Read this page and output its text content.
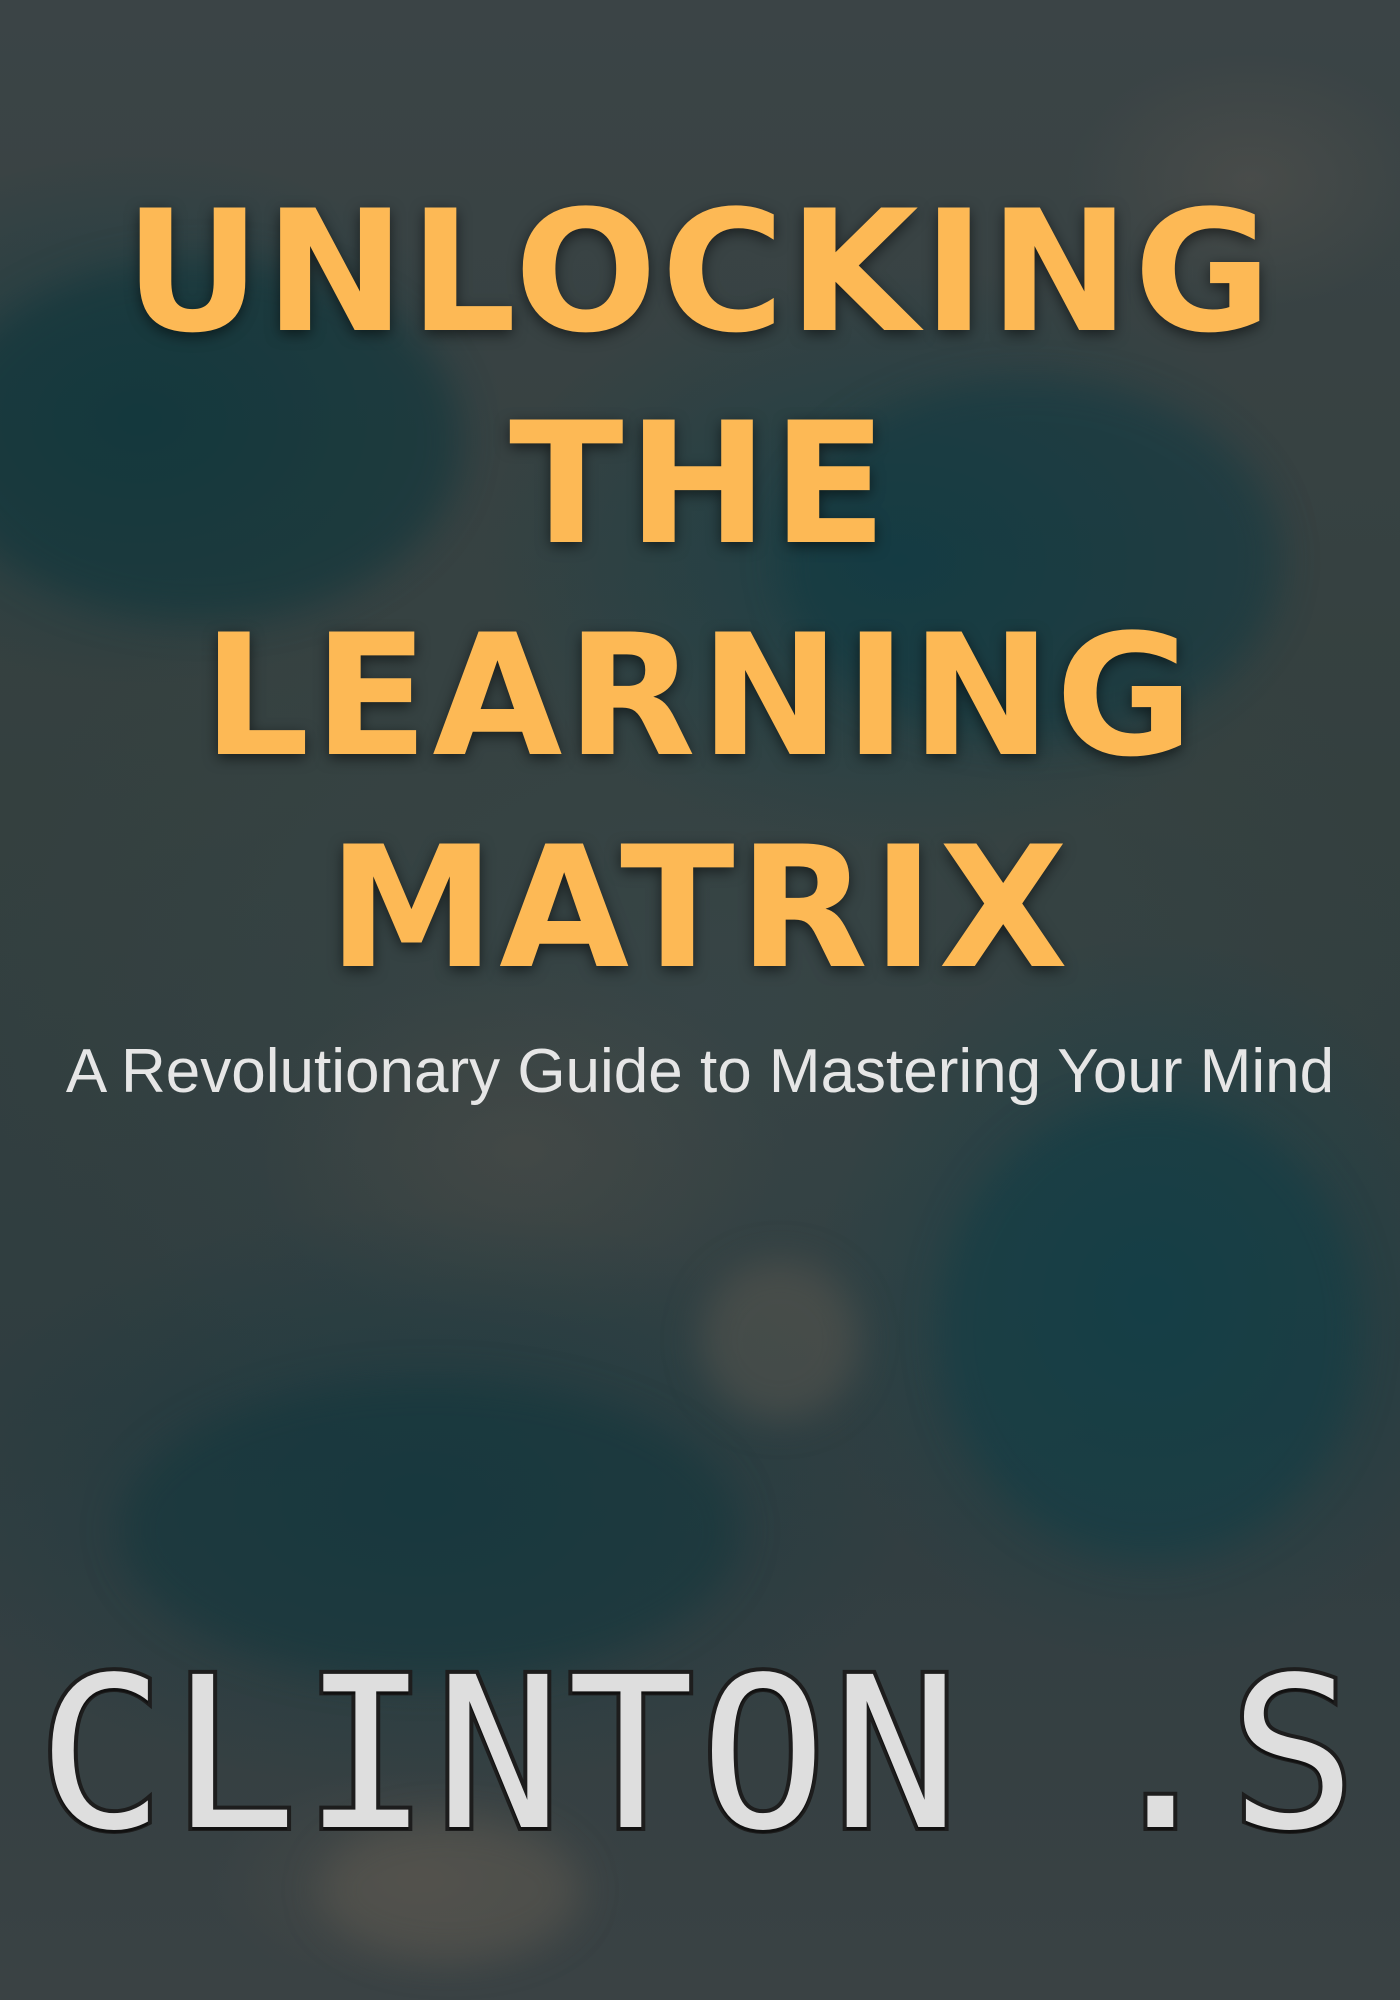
UNLOCKING
THE
LEARNING
MATRIX
A Revolutionary Guide to Mastering Your Mind
CLINTON .S
